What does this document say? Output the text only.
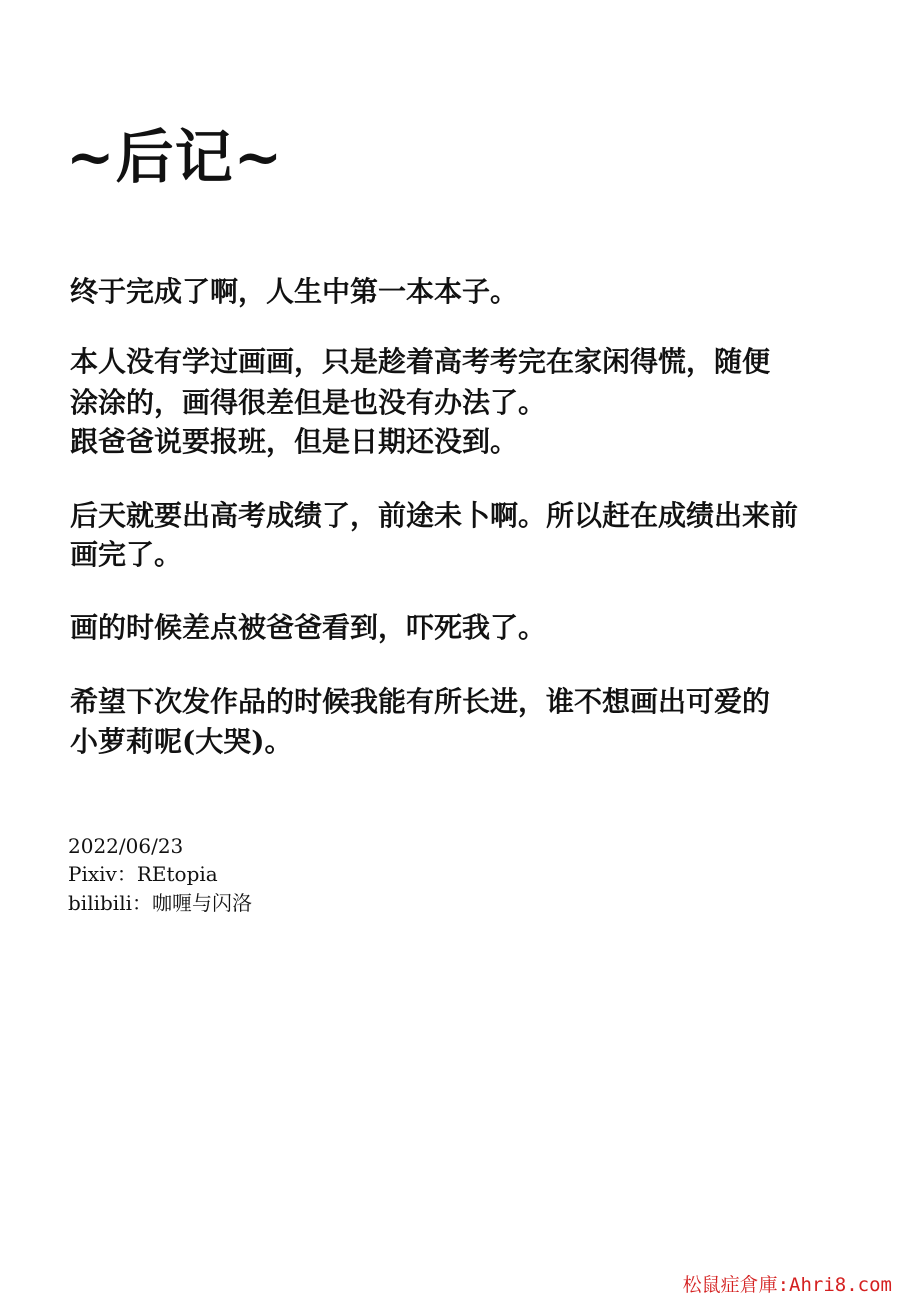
~后记~
终于完成了啊，人生中第一本本子。
本人没有学过画画，只是趁着高考考完在家闲得慌，随便
涂涂的，画得很差但是也没有办法了。
跟爸爸说要报班，但是日期还没到。
后天就要出高考成绩了，前途未卜啊。所以赶在成绩出来前
画完了。
画的时候差点被爸爸看到，吓死我了。
希望下次发作品的时候我能有所长进，谁不想画出可爱的
小萝莉呢(大哭)。
2022/06/23
Pixiv：REtopia
bilibili：咖喱与闪洛
松鼠症倉庫:Ahri8.com
